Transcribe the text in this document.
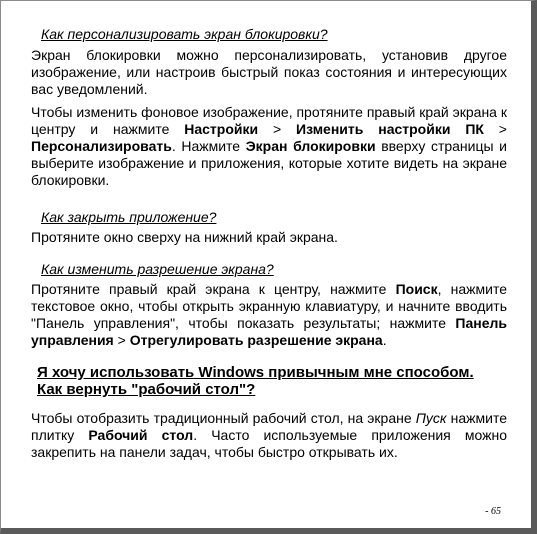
Как персонализировать экран блокировки?

Экран блокировки можно персонализировать, установив другое изображение, или настроив быстрый показ состояния и интересующих вас уведомлений.

Чтобы изменить фоновое изображение, протяните правый край экрана к центру и нажмите Настройки > Изменить настройки ПК > Персонализировать. Нажмите Экран блокировки вверху страницы и выберите изображение и приложения, которые хотите видеть на экране блокировки.

Как закрыть приложение?

Протяните окно сверху на нижний край экрана.

Как изменить разрешение экрана?

Протяните правый край экрана к центру, нажмите Поиск, нажмите текстовое окно, чтобы открыть экранную клавиатуру, и начните вводить "Панель управления", чтобы показать результаты; нажмите Панель управления > Отрегулировать разрешение экрана.

Я хочу использовать Windows привычным мне способом. Как вернуть "рабочий стол"?

Чтобы отобразить традиционный рабочий стол, на экране Пуск нажмите плитку Рабочий стол. Часто используемые приложения можно закрепить на панели задач, чтобы быстро открывать их.

- 65
